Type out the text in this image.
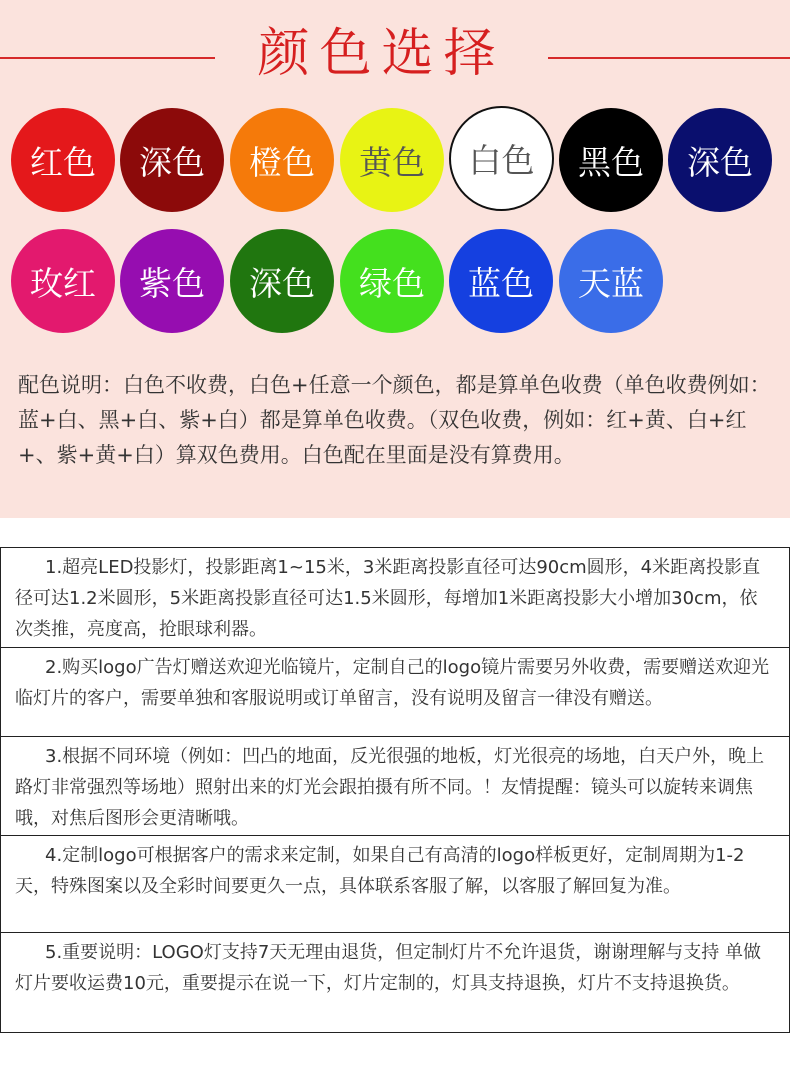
颜色选择
红色 深色 橙色 黄色 白色 黑色 深色
玫红 紫色 深色 绿色 蓝色 天蓝
配色说明：白色不收费，白色+任意一个颜色，都是算单色收费（单色收费例如：蓝+白、黑+白、紫+白）都是算单色收费。（双色收费，例如：红+黄、白+红+、紫+黄+白）算双色费用。白色配在里面是没有算费用。
1.超亮LED投影灯，投影距离1~15米，3米距离投影直径可达90cm圆形，4米距离投影直径可达1.2米圆形，5米距离投影直径可达1.5米圆形，每增加1米距离投影大小增加30cm，依次类推，亮度高，抢眼球利器。
2.购买logo广告灯赠送欢迎光临镜片，定制自己的logo镜片需要另外收费，需要赠送欢迎光临灯片的客户，需要单独和客服说明或订单留言，没有说明及留言一律没有赠送。
3.根据不同环境（例如：凹凸的地面，反光很强的地板，灯光很亮的场地，白天户外，晚上路灯非常强烈等场地）照射出来的灯光会跟拍摄有所不同。！友情提醒：镜头可以旋转来调焦哦，对焦后图形会更清晰哦。
4.定制logo可根据客户的需求来定制，如果自己有高清的logo样板更好，定制周期为1-2天，特殊图案以及全彩时间要更久一点，具体联系客服了解，以客服了解回复为准。
5.重要说明：LOGO灯支持7天无理由退货，但定制灯片不允许退货，谢谢理解与支持 单做灯片要收运费10元，重要提示在说一下，灯片定制的，灯具支持退换，灯片不支持退换货。
